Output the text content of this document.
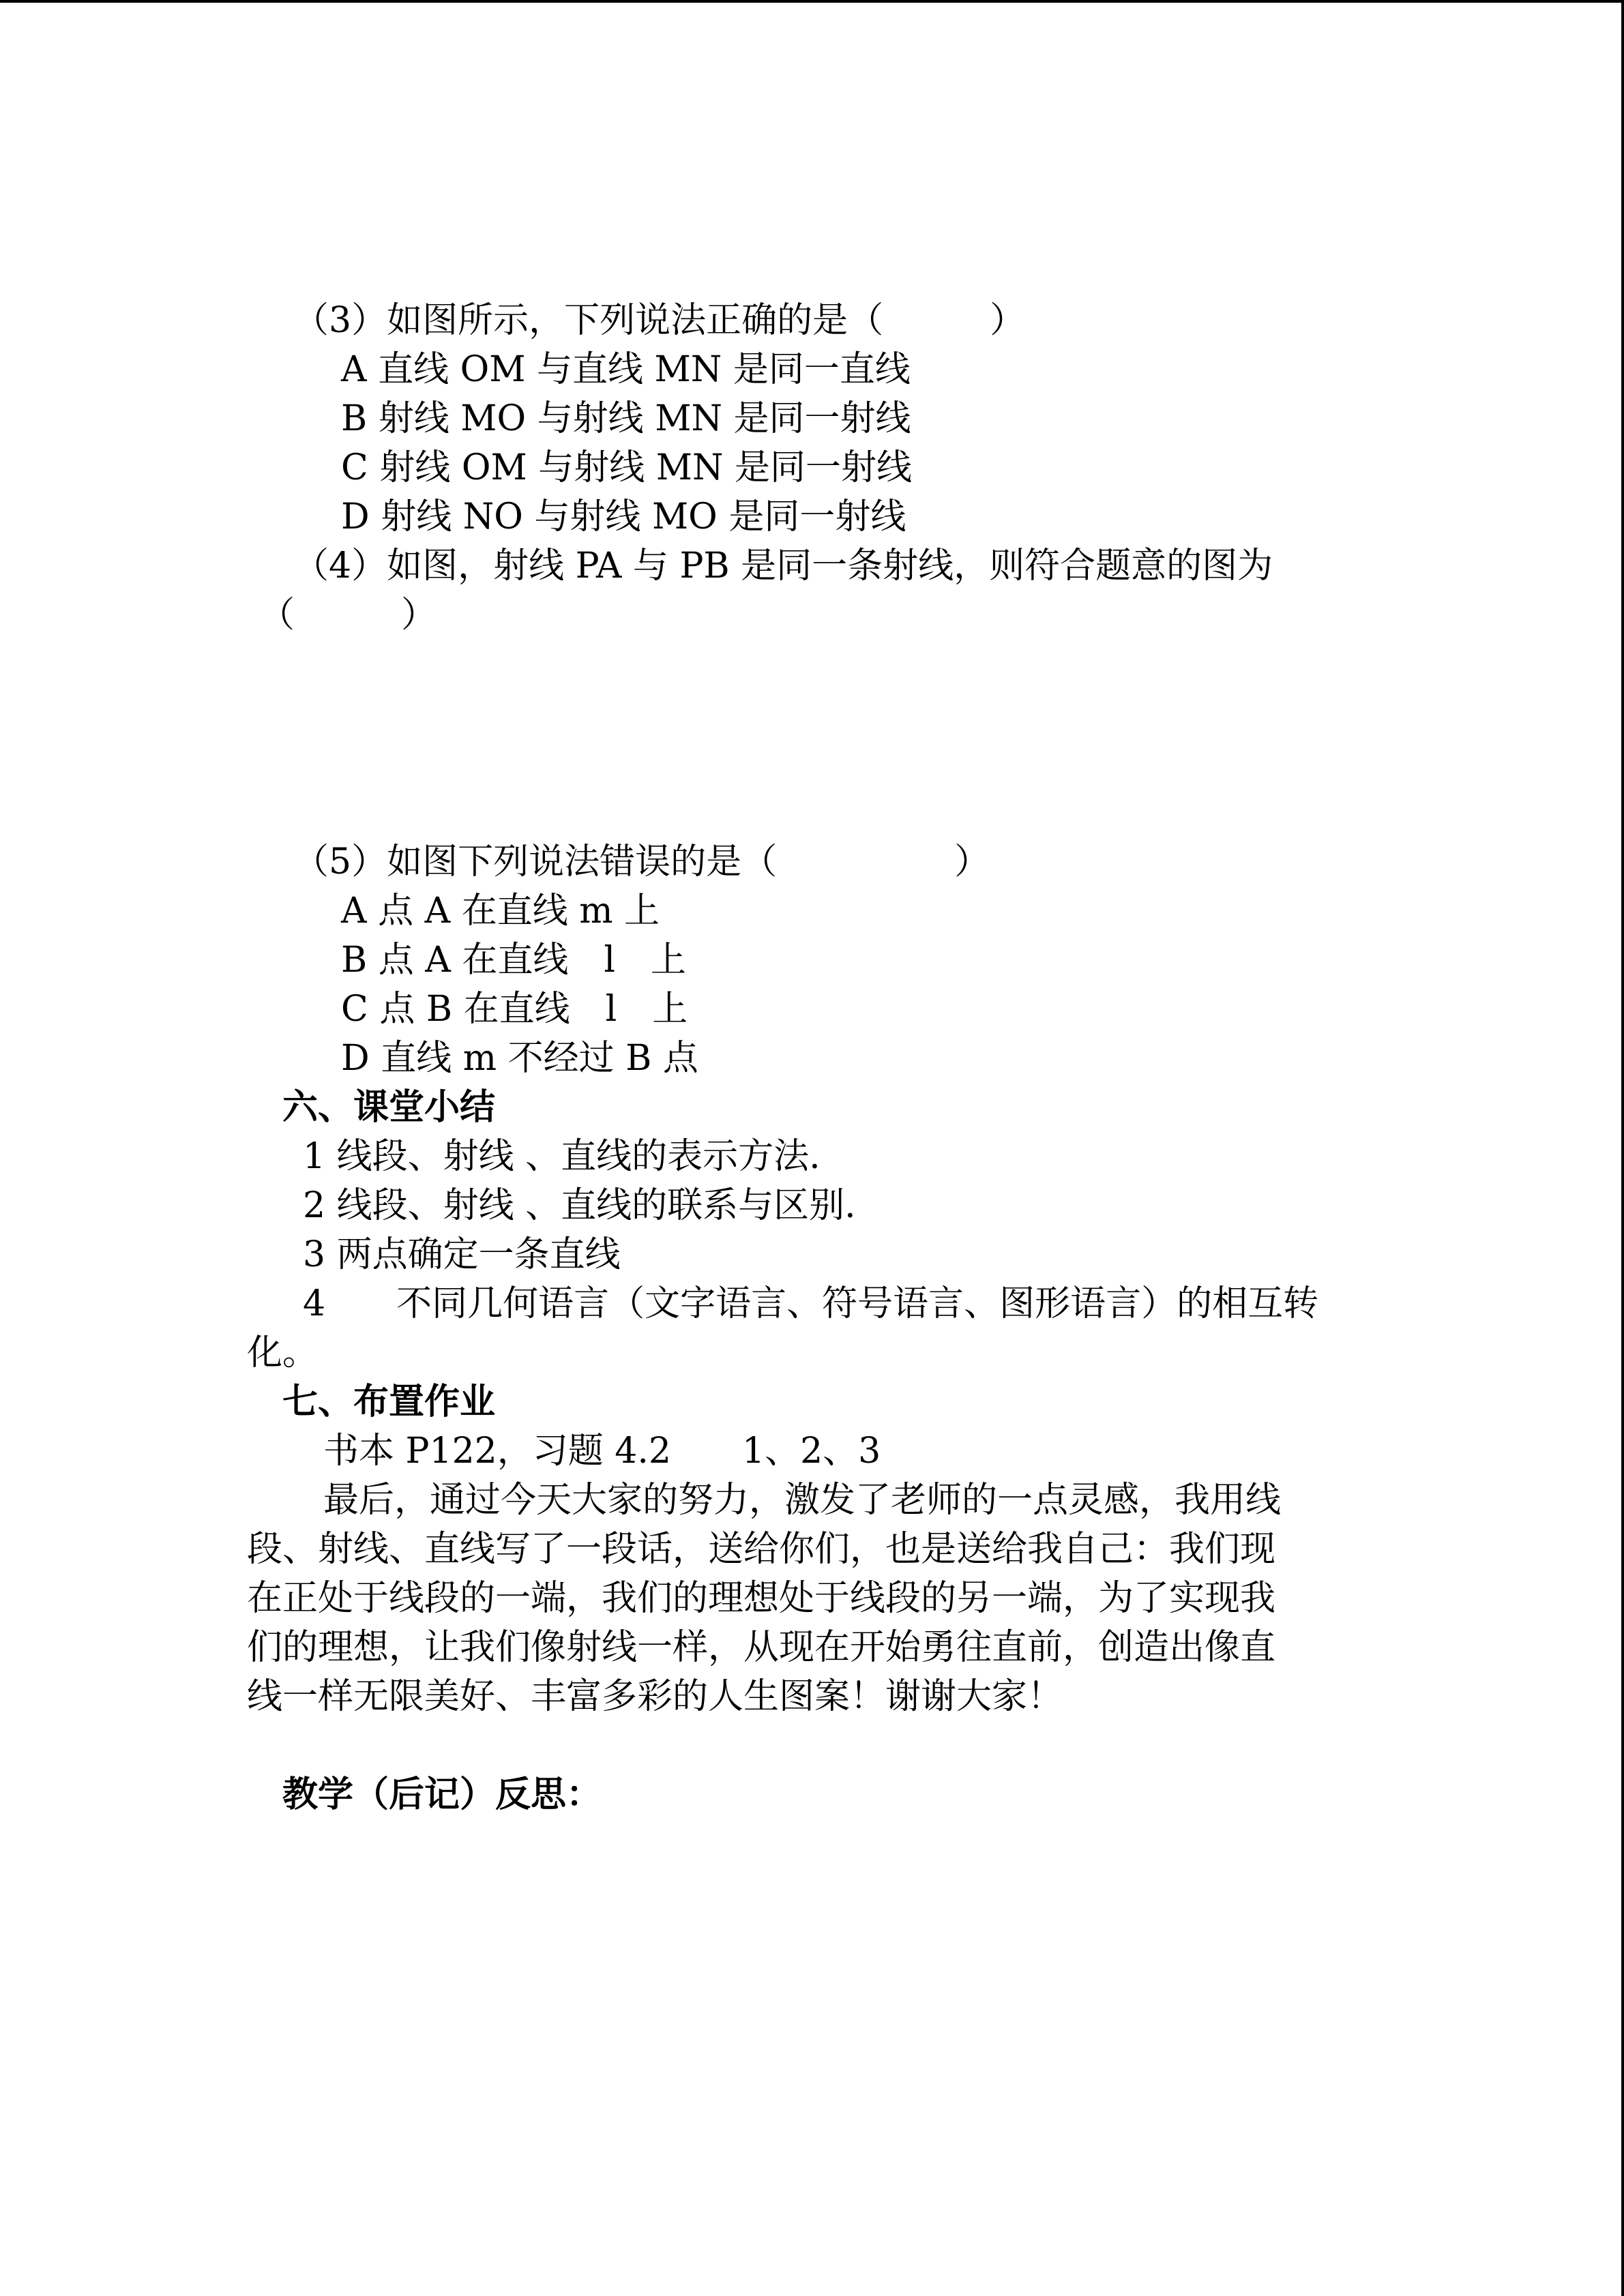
（3）如图所示，下列说法正确的是（　　　）
A 直线 OM 与直线 MN 是同一直线
B 射线 MO 与射线 MN 是同一射线
C 射线 OM 与射线 MN 是同一射线
D 射线 NO 与射线 MO 是同一射线
（4）如图，射线 PA 与 PB 是同一条射线，则符合题意的图为
（　　　）
（5）如图下列说法错误的是（　　　　　）
A 点 A 在直线 m 上
B 点 A 在直线　l　上
C 点 B 在直线　l　上
D 直线 m 不经过 B 点
六、课堂小结
1 线段、射线 、直线的表示方法.
2 线段、射线 、直线的联系与区别.
3 两点确定一条直线
4　　不同几何语言（文字语言、符号语言、图形语言）的相互转
化。
七、布置作业
书本 P122，习题 4.2　　1、2、3
最后，通过今天大家的努力，激发了老师的一点灵感，我用线
段、射线、直线写了一段话，送给你们，也是送给我自己：我们现
在正处于线段的一端，我们的理想处于线段的另一端，为了实现我
们的理想，让我们像射线一样，从现在开始勇往直前，创造出像直
线一样无限美好、丰富多彩的人生图案！谢谢大家！
教学（后记）反思：
